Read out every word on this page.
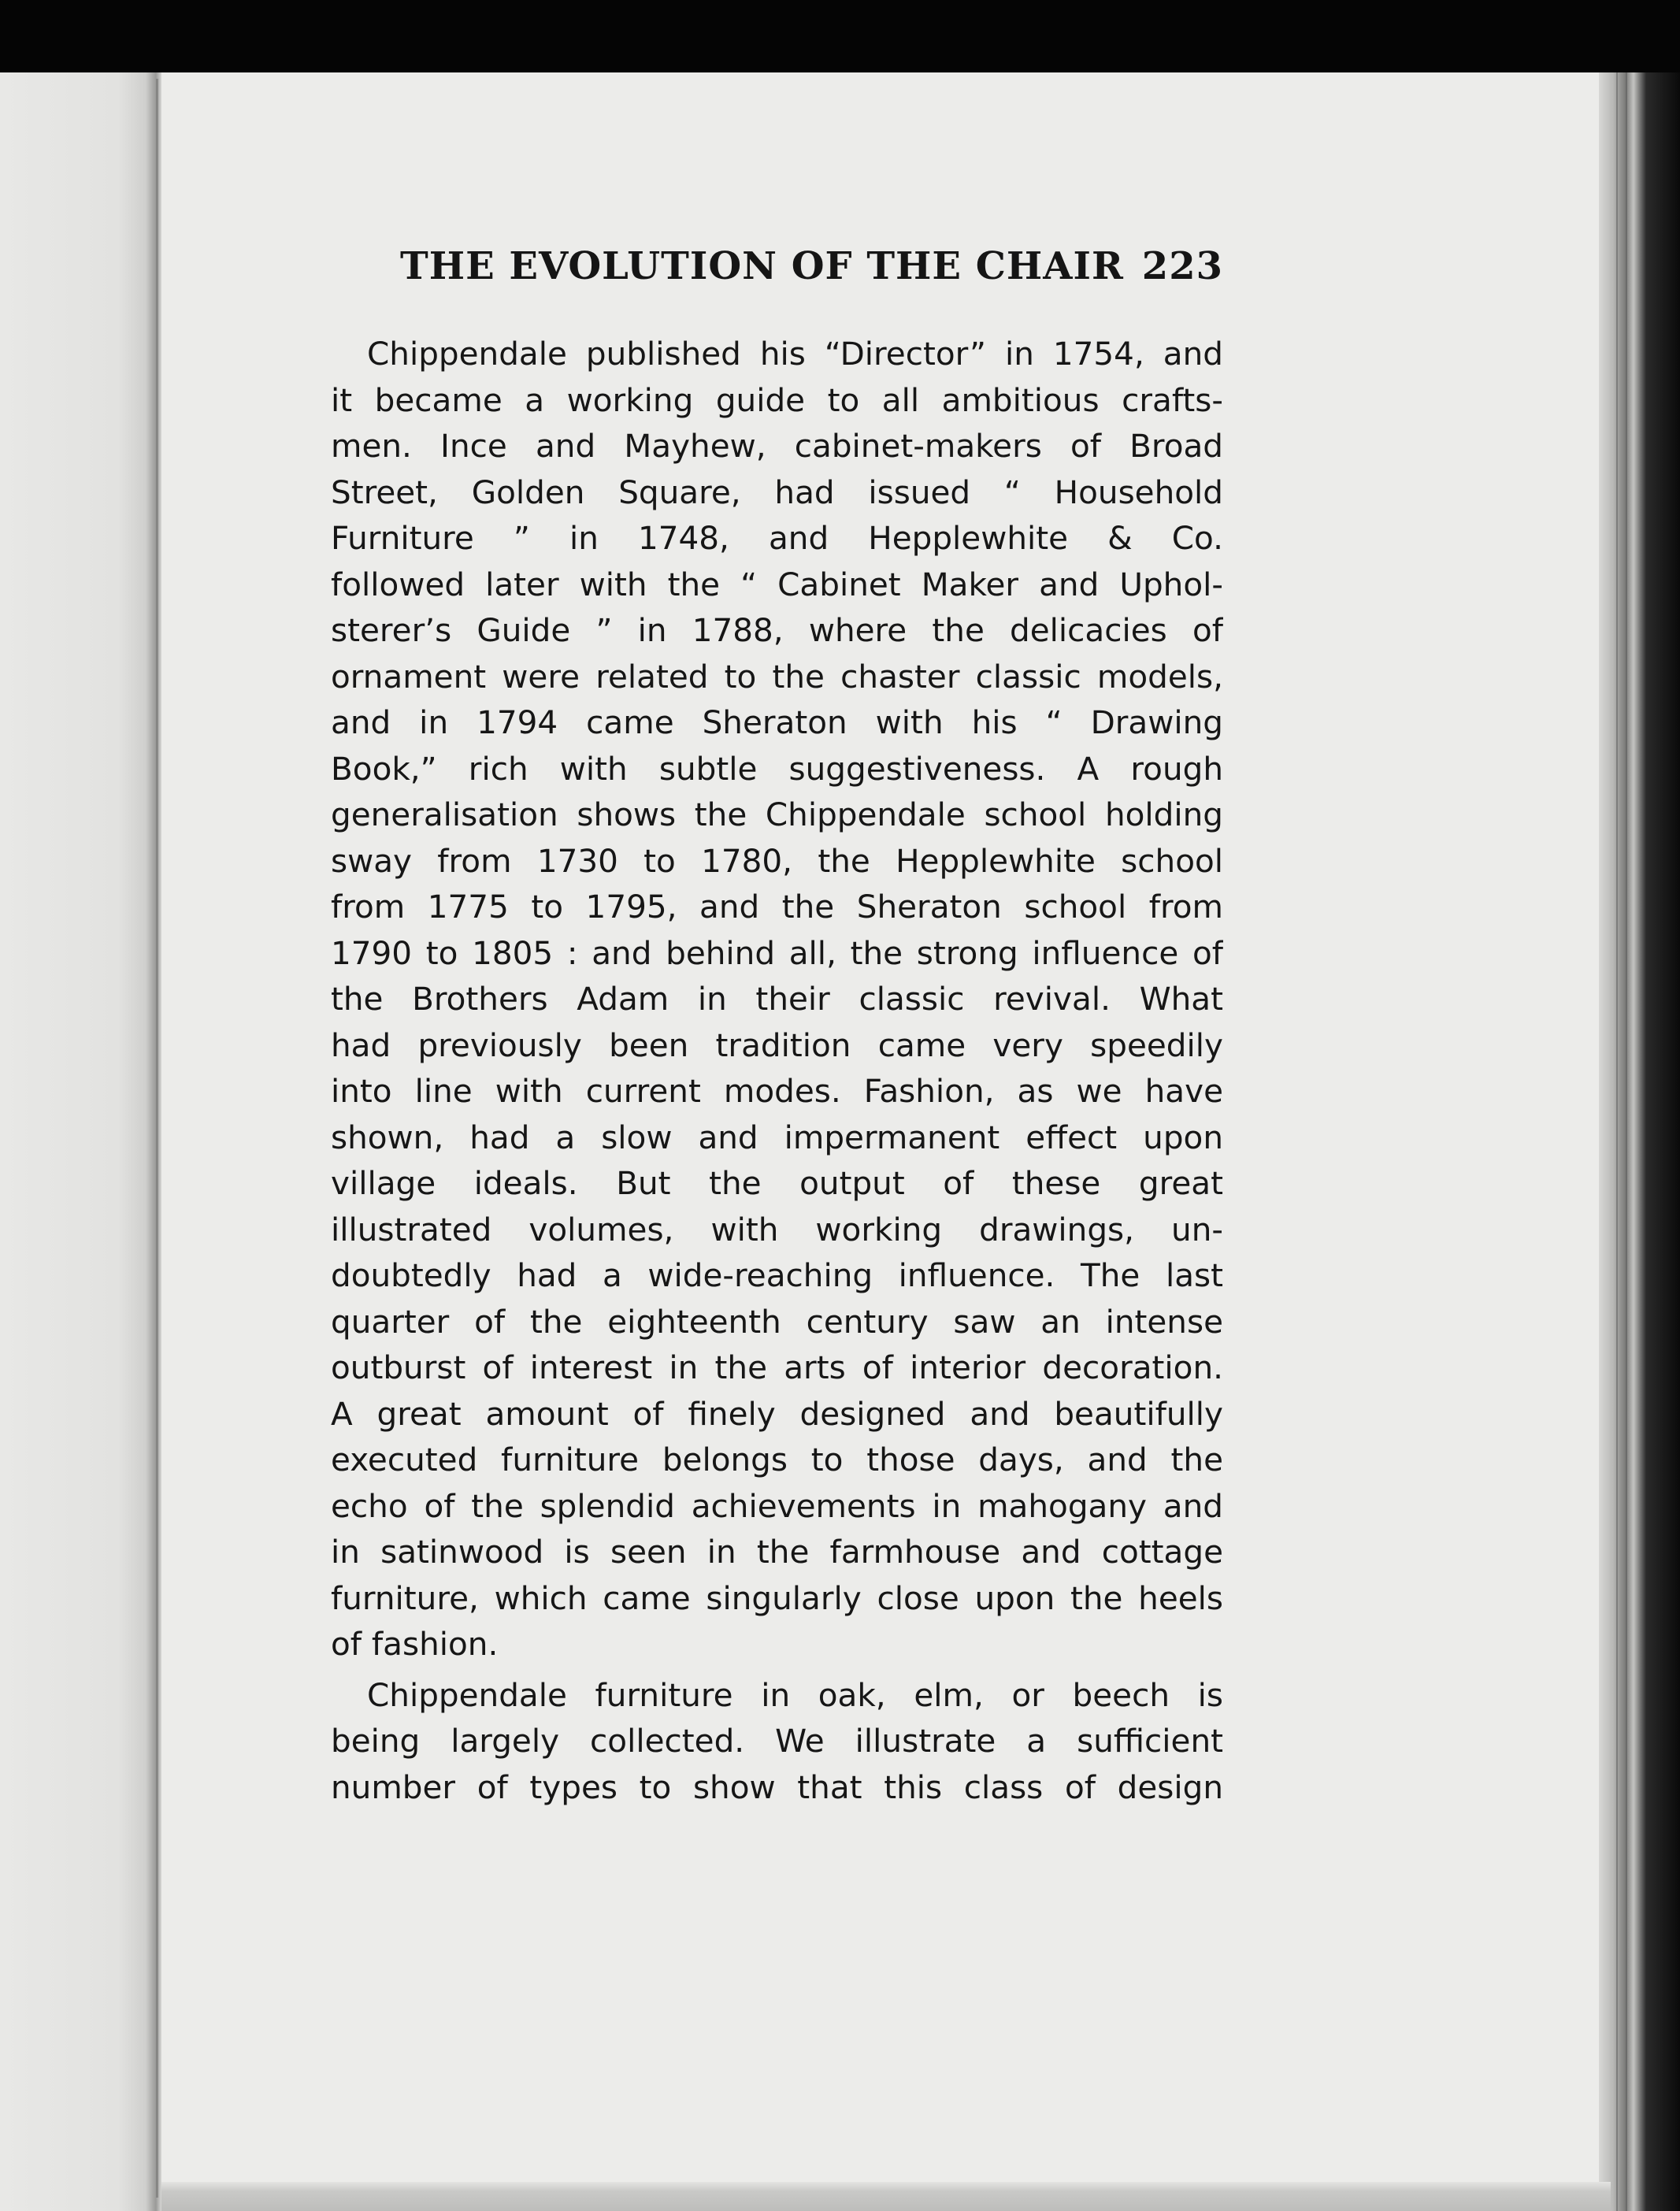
THE EVOLUTION OF THE CHAIR 223
Chippendale published his “Director” in 1754, and
it became a working guide to all ambitious crafts-
men. Ince and Mayhew, cabinet-makers of Broad
Street, Golden Square, had issued “ Household
Furniture ” in 1748, and Hepplewhite & Co.
followed later with the “ Cabinet Maker and Uphol-
sterer’s Guide ” in 1788, where the delicacies of
ornament were related to the chaster classic models,
and in 1794 came Sheraton with his “ Drawing
Book,” rich with subtle suggestiveness. A rough
generalisation shows the Chippendale school holding
sway from 1730 to 1780, the Hepplewhite school
from 1775 to 1795, and the Sheraton school from
1790 to 1805 : and behind all, the strong influence of
the Brothers Adam in their classic revival. What
had previously been tradition came very speedily
into line with current modes. Fashion, as we have
shown, had a slow and impermanent effect upon
village ideals. But the output of these great
illustrated volumes, with working drawings, un-
doubtedly had a wide-reaching influence. The last
quarter of the eighteenth century saw an intense
outburst of interest in the arts of interior decoration.
A great amount of finely designed and beautifully
executed furniture belongs to those days, and the
echo of the splendid achievements in mahogany and
in satinwood is seen in the farmhouse and cottage
furniture, which came singularly close upon the heels
of fashion.
Chippendale furniture in oak, elm, or beech is
being largely collected. We illustrate a sufficient
number of types to show that this class of design
